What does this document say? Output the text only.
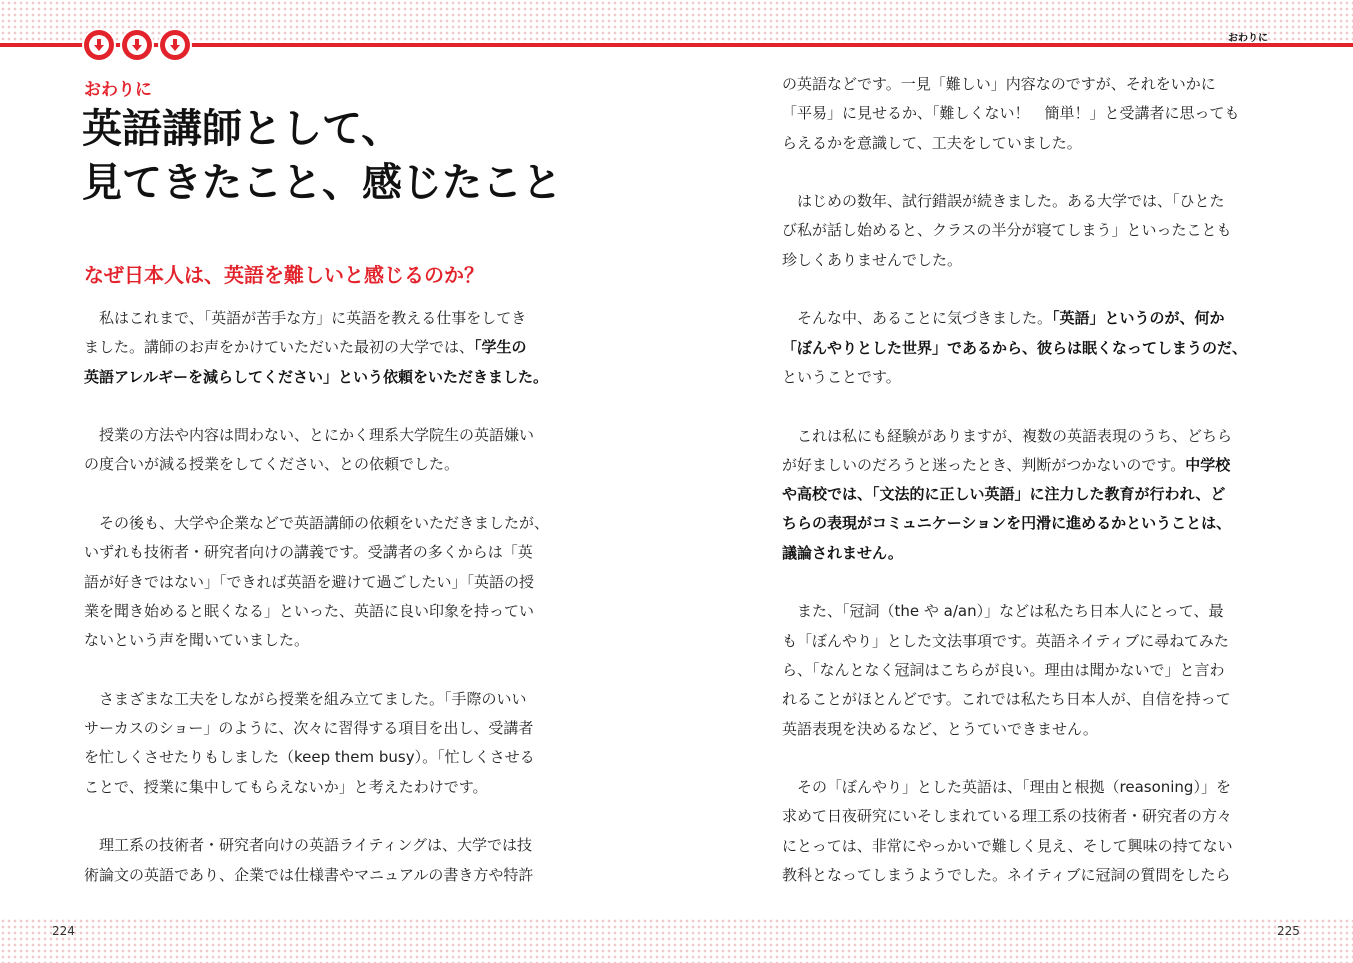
おわりに
おわりに
英語講師として、
見てきたこと、感じたこと
なぜ日本人は、英語を難しいと感じるのか？

　私はこれまで、「英語が苦手な方」に英語を教える仕事をしてき
ました。講師のお声をかけていただいた最初の大学では、「学生の
英語アレルギーを減らしてください」という依頼をいただきました。

　授業の方法や内容は問わない、とにかく理系大学院生の英語嫌い
の度合いが減る授業をしてください、との依頼でした。

　その後も、大学や企業などで英語講師の依頼をいただきましたが、
いずれも技術者・研究者向けの講義です。受講者の多くからは「英
語が好きではない」「できれば英語を避けて過ごしたい」「英語の授
業を聞き始めると眠くなる」といった、英語に良い印象を持ってい
ないという声を聞いていました。

　さまざまな工夫をしながら授業を組み立てました。「手際のいい
サーカスのショー」のように、次々に習得する項目を出し、受講者
を忙しくさせたりもしました（keep them busy）。「忙しくさせる
ことで、授業に集中してもらえないか」と考えたわけです。

　理工系の技術者・研究者向けの英語ライティングは、大学では技
術論文の英語であり、企業では仕様書やマニュアルの書き方や特許

の英語などです。一見「難しい」内容なのですが、それをいかに
「平易」に見せるか、「難しくない！　簡単！」と受講者に思っても
らえるかを意識して、工夫をしていました。

　はじめの数年、試行錯誤が続きました。ある大学では、「ひとた
び私が話し始めると、クラスの半分が寝てしまう」といったことも
珍しくありませんでした。

　そんな中、あることに気づきました。「英語」というのが、何か
「ぼんやりとした世界」であるから、彼らは眠くなってしまうのだ、
ということです。

　これは私にも経験がありますが、複数の英語表現のうち、どちら
が好ましいのだろうと迷ったとき、判断がつかないのです。中学校
や高校では、「文法的に正しい英語」に注力した教育が行われ、ど
ちらの表現がコミュニケーションを円滑に進めるかということは、
議論されません。

　また、「冠詞（the や a/an）」などは私たち日本人にとって、最
も「ぼんやり」とした文法事項です。英語ネイティブに尋ねてみた
ら、「なんとなく冠詞はこちらが良い。理由は聞かないで」と言わ
れることがほとんどです。これでは私たち日本人が、自信を持って
英語表現を決めるなど、とうていできません。

　その「ぼんやり」とした英語は、「理由と根拠（reasoning）」を
求めて日夜研究にいそしまれている理工系の技術者・研究者の方々
にとっては、非常にやっかいで難しく見え、そして興味の持てない
教科となってしまうようでした。ネイティブに冠詞の質問をしたら

224	225
